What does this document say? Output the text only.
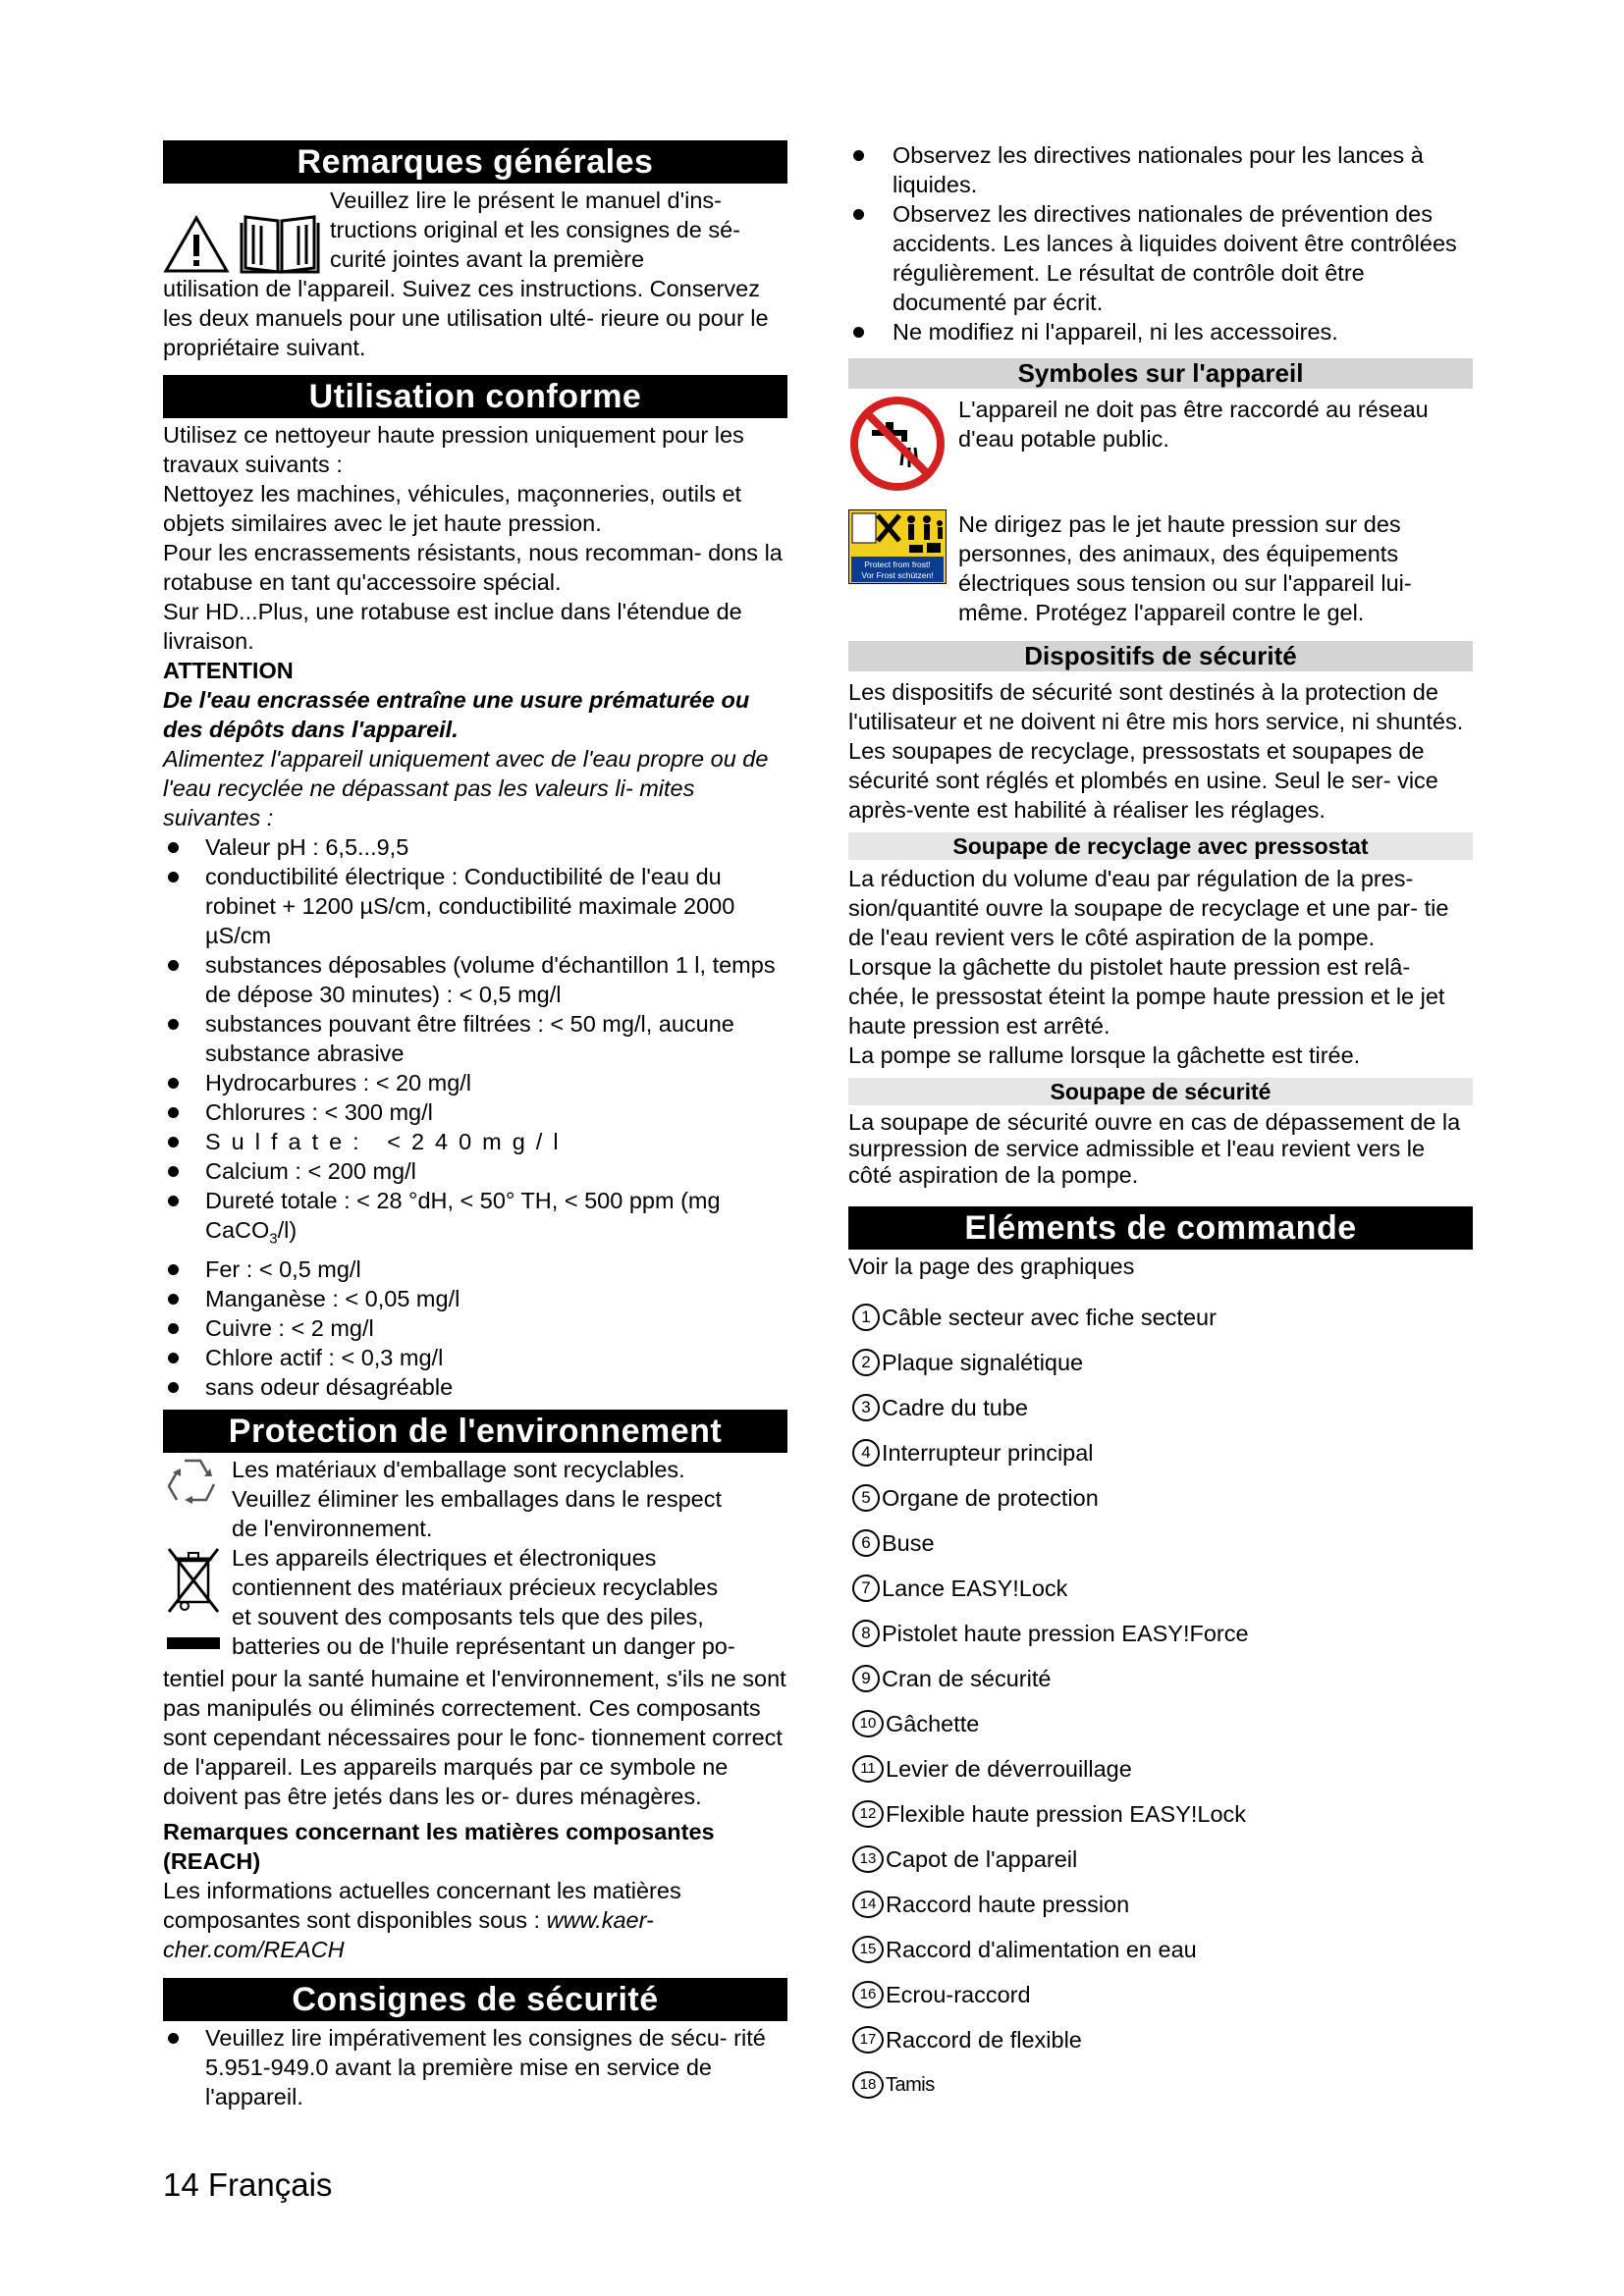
Remarques générales

Veuillez lire le présent le manuel d'ins-

tructions original et les consignes de sé-

curité jointes avant la première

utilisation de l'appareil. Suivez ces instructions. Conservez les deux manuels pour une utilisation ulté- rieure ou pour le propriétaire suivant.

Utilisation conforme

Utilisez ce nettoyeur haute pression uniquement pour les travaux suivants :

Nettoyez les machines, véhicules, maçonneries, outils et objets similaires avec le jet haute pression.

Pour les encrassements résistants, nous recomman- dons la rotabuse en tant qu'accessoire spécial.

Sur HD...Plus, une rotabuse est inclue dans l'étendue de livraison.

ATTENTION

De l'eau encrassée entraîne une usure prématurée ou des dépôts dans l'appareil.

Alimentez l'appareil uniquement avec de l'eau propre ou de l'eau recyclée ne dépassant pas les valeurs li- mites suivantes :

Valeur pH : 6,5...9,5
conductibilité électrique : Conductibilité de l'eau du robinet + 1200 µS/cm, conductibilité maximale 2000 µS/cm
substances déposables (volume d'échantillon 1 l, temps de dépose 30 minutes) : < 0,5 mg/l
substances pouvant être filtrées : < 50 mg/l, aucune substance abrasive
Hydrocarbures : < 20 mg/l
Chlorures : < 300 mg/l
Sulfate: <240mg/l
Calcium : < 200 mg/l
Dureté totale : < 28 °dH, < 50° TH, < 500 ppm (mg CaCO$_3$/l)
Fer : < 0,5 mg/l
Manganèse : < 0,05 mg/l
Cuivre : < 2 mg/l
Chlore actif : < 0,3 mg/l
sans odeur désagréable
Protection de l'environnement

Les matériaux d'emballage sont recyclables.

Veuillez éliminer les emballages dans le respect

de l'environnement.

Les appareils électriques et électroniques

contiennent des matériaux précieux recyclables

et souvent des composants tels que des piles,

batteries ou de l'huile représentant un danger po-

tentiel pour la santé humaine et l'environnement, s'ils ne sont pas manipulés ou éliminés correctement. Ces composants sont cependant nécessaires pour le fonc- tionnement correct de l'appareil. Les appareils marqués par ce symbole ne doivent pas être jetés dans les or- dures ménagères.

Remarques concernant les matières composantes (REACH)

Les informations actuelles concernant les matières composantes sont disponibles sous : www.kaer- cher.com/REACH

Consignes de sécurité
Veuillez lire impérativement les consignes de sécu- rité 5.951-949.0 avant la première mise en service de l'appareil.
Observez les directives nationales pour les lances à liquides.
Observez les directives nationales de prévention des accidents. Les lances à liquides doivent être contrôlées régulièrement. Le résultat de contrôle doit être documenté par écrit.
Ne modifiez ni l'appareil, ni les accessoires.
Symboles sur l'appareil

L'appareil ne doit pas être raccordé au réseau d'eau potable public.

Protect from frost!
Vor Frost schützen!

Ne dirigez pas le jet haute pression sur des personnes, des animaux, des équipements électriques sous tension ou sur l'appareil lui- même. Protégez l'appareil contre le gel.

Dispositifs de sécurité

Les dispositifs de sécurité sont destinés à la protection de l'utilisateur et ne doivent ni être mis hors service, ni shuntés.

Les soupapes de recyclage, pressostats et soupapes de sécurité sont réglés et plombés en usine. Seul le ser- vice après-vente est habilité à réaliser les réglages.

Soupape de recyclage avec pressostat

La réduction du volume d'eau par régulation de la pres- sion/quantité ouvre la soupape de recyclage et une par- tie de l'eau revient vers le côté aspiration de la pompe.

Lorsque la gâchette du pistolet haute pression est relâ- chée, le pressostat éteint la pompe haute pression et le jet haute pression est arrêté.

La pompe se rallume lorsque la gâchette est tirée.

Soupape de sécurité

La soupape de sécurité ouvre en cas de dépassement de la surpression de service admissible et l'eau revient vers le côté aspiration de la pompe.

Eléments de commande

Voir la page des graphiques

1 Câble secteur avec fiche secteur
2 Plaque signalétique
3 Cadre du tube
4 Interrupteur principal
5 Organe de protection
6 Buse
7 Lance EASY!Lock
8 Pistolet haute pression EASY!Force
9 Cran de sécurité
10 Gâchette
11 Levier de déverrouillage
12 Flexible haute pression EASY!Lock
13 Capot de l'appareil
14 Raccord haute pression
15 Raccord d'alimentation en eau
16 Ecrou-raccord
17 Raccord de flexible
18 Tamis
14 Français
